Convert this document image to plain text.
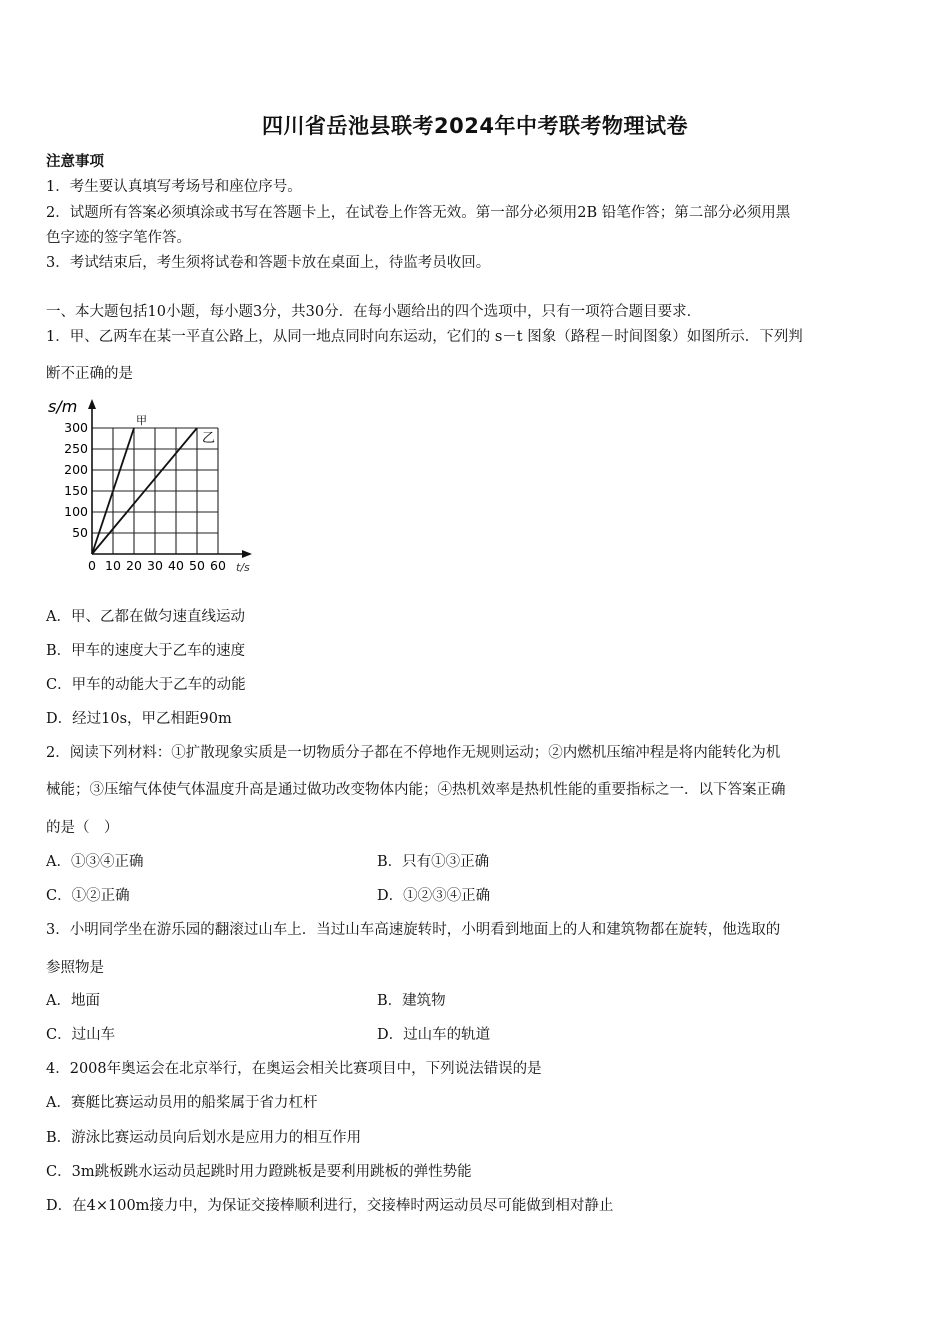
四川省岳池县联考2024年中考联考物理试卷
注意事项
1．考生要认真填写考场号和座位序号。
2．试题所有答案必须填涂或书写在答题卡上，在试卷上作答无效。第一部分必须用2B 铅笔作答；第二部分必须用黑
色字迹的签字笔作答。
3．考试结束后，考生须将试卷和答题卡放在桌面上，待监考员收回。
一、本大题包括10小题，每小题3分，共30分．在每小题给出的四个选项中，只有一项符合题目要求．
1．甲、乙两车在某一平直公路上，从同一地点同时向东运动，它们的 s－t 图象（路程－时间图象）如图所示．下列判
断不正确的是
s/m
t/s
0 10 20 30 40 50 60
50
100
150
200
250
300	甲
乙
A．甲、乙都在做匀速直线运动
B．甲车的速度大于乙车的速度
C．甲车的动能大于乙车的动能
D．经过10s，甲乙相距90m
2．阅读下列材料：①扩散现象实质是一切物质分子都在不停地作无规则运动；②内燃机压缩冲程是将内能转化为机
械能；③压缩气体使气体温度升高是通过做功改变物体内能；④热机效率是热机性能的重要指标之一．以下答案正确
的是（　）
A．①③④正确	B．只有①③正确
C．①②正确	D．①②③④正确
3．小明同学坐在游乐园的翻滚过山车上．当过山车高速旋转时，小明看到地面上的人和建筑物都在旋转，他选取的
参照物是
A．地面	B．建筑物
C．过山车	D．过山车的轨道
4．2008年奥运会在北京举行，在奥运会相关比赛项目中，下列说法错误的是
A．赛艇比赛运动员用的船桨属于省力杠杆
B．游泳比赛运动员向后划水是应用力的相互作用
C．3m跳板跳水运动员起跳时用力蹬跳板是要利用跳板的弹性势能
D．在4×100m接力中，为保证交接棒顺利进行，交接棒时两运动员尽可能做到相对静止
